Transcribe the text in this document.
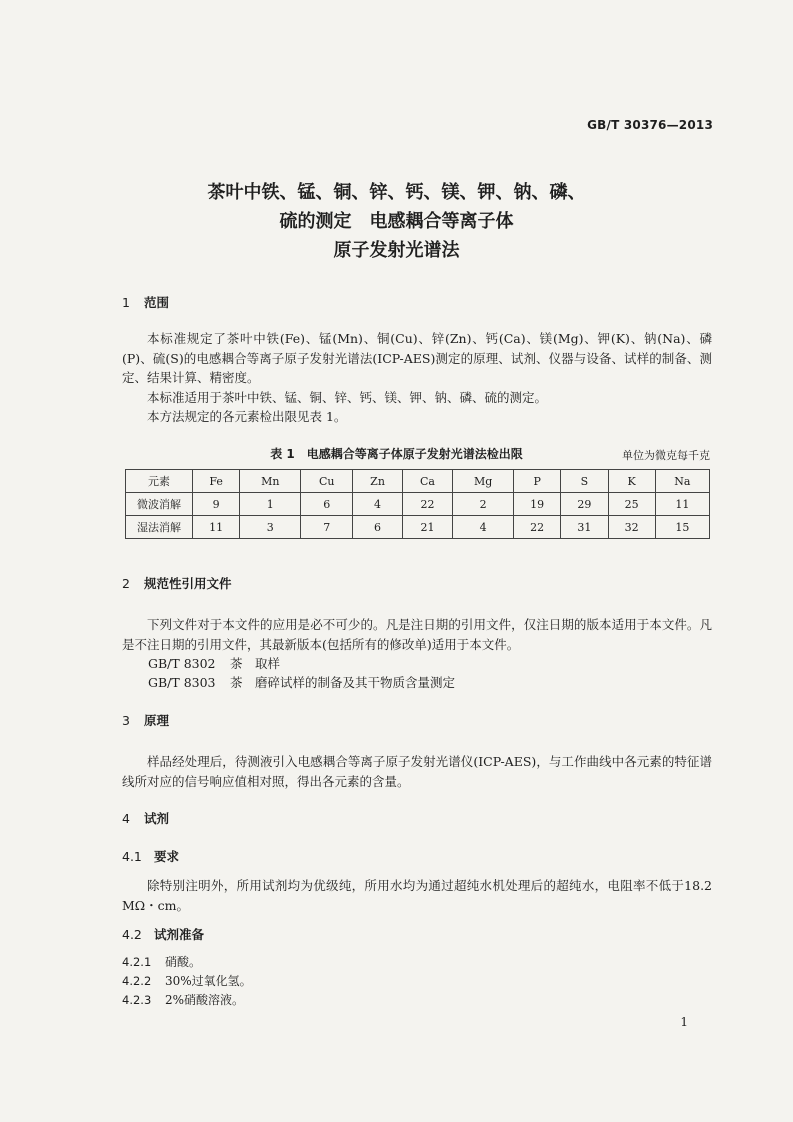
GB/T 30376—2013
茶叶中铁、锰、铜、锌、钙、镁、钾、钠、磷、
硫的测定　电感耦合等离子体
原子发射光谱法
1 范围

本标准规定了茶叶中铁(Fe)、锰(Mn)、铜(Cu)、锌(Zn)、钙(Ca)、镁(Mg)、钾(K)、钠(Na)、磷(P)、硫(S)的电感耦合等离子原子发射光谱法(ICP-AES)测定的原理、试剂、仪器与设备、试样的制备、测定、结果计算、精密度。

本标准适用于茶叶中铁、锰、铜、锌、钙、镁、钾、钠、磷、硫的测定。

本方法规定的各元素检出限见表 1。

表 1　电感耦合等离子体原子发射光谱法检出限	单位为微克每千克
元素	Fe	Mn	Cu	Zn	Ca	Mg	P	S	K	Na
微波消解	9	1	6	4	22	2	19	29	25	11
湿法消解	11	3	7	6	21	4	22	31	32	15
2 规范性引用文件

下列文件对于本文件的应用是必不可少的。凡是注日期的引用文件，仅注日期的版本适用于本文件。凡是不注日期的引用文件，其最新版本(包括所有的修改单)适用于本文件。

GB/T 8302 茶　取样
GB/T 8303 茶　磨碎试样的制备及其干物质含量测定
3 原理

样品经处理后，待测液引入电感耦合等离子原子发射光谱仪(ICP-AES)，与工作曲线中各元素的特征谱线所对应的信号响应值相对照，得出各元素的含量。

4 试剂
4.1 要求

除特别注明外，所用试剂均为优级纯，所用水均为通过超纯水机处理后的超纯水，电阻率不低于18.2 MΩ・cm。

4.2 试剂准备
4.2.1 硝酸。
4.2.2 30%过氧化氢。
4.2.3 2%硝酸溶液。
1
